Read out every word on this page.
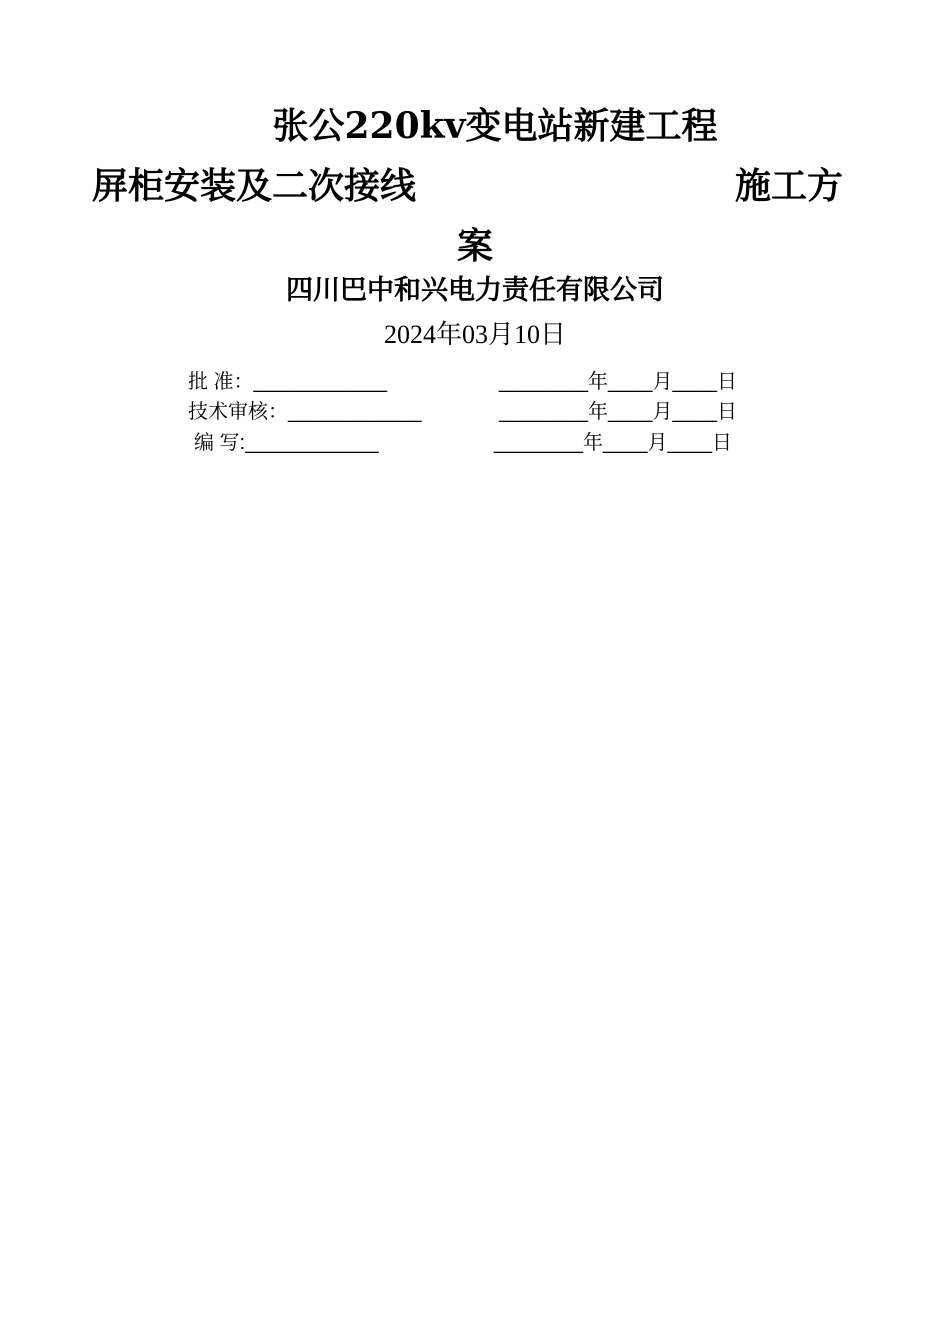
张公220kv变电站新建工程
屏柜安装及二次接线	施工方
案
四川巴中和兴电力责任有限公司
2024年03月10日
批 准：____________	________年____月____日
技术审核：____________	________年____月____日
编 写:____________	________年____月____日
